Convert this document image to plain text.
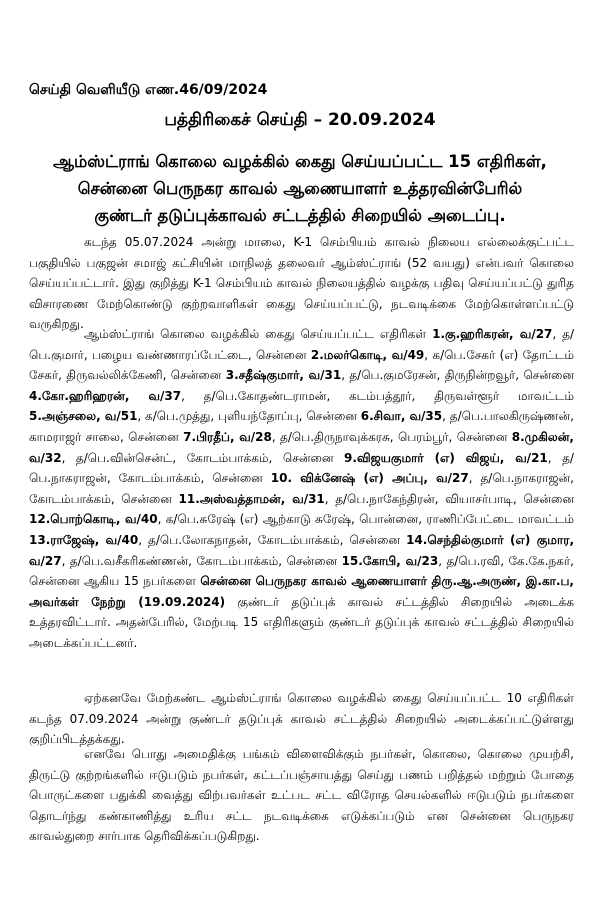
செய்தி வெளியீடு எண.46/09/2024
பத்திரிகைச் செய்தி – 20.09.2024
ஆம்ஸ்ட்ராங் கொலை வழக்கில் கைது செய்யப்பட்ட 15 எதிரிகள்,
சென்னை பெருநகர காவல் ஆணையாளர் உத்தரவின்பேரில்
குண்டர் தடுப்புக்காவல் சட்டத்தில் சிறையில் அடைப்பு.

கடந்த 05.07.2024 அன்று மாலை, K-1 செம்பியம் காவல் நிலைய எல்லைக்குட்பட்ட பகுதியில் பகுஜன் சமாஜ் கட்சியின் மாநிலத் தலைவர் ஆம்ஸ்ட்ராங் (52 வயது) என்பவர் கொலை செய்யப்பட்டார். இது குறித்து K-1 செம்பியம் காவல் நிலையத்தில் வழக்கு பதிவு செய்யப்பட்டு துரித விசாரணை மேற்கொண்டு குற்றவாளிகள் கைது செய்யப்பட்டு, நடவடிக்கை மேற்கொள்ளப்பட்டு வருகிறது.

ஆம்ஸ்ட்ராங் கொலை வழக்கில் கைது செய்யப்பட்ட எதிரிகள் 1.கு.ஹரிகரன், வ/27, த/பெ.குமார், பழைய வண்ணாரப்பேட்டை, சென்னை 2.மலர்கொடி, வ/49, க/பெ.சேகர் (எ) தோட்டம் சேகர், திருவல்லிக்கேணி, சென்னை 3.சதீஷ்குமார், வ/31, த/பெ.குமரேசன், திருநின்றவூர், சென்னை 4.கோ.ஹரிஹரன், வ/37, த/பெ.கோதண்டராமன், கடம்பத்தூர், திருவள்ளூர் மாவட்டம் 5.அஞ்சலை, வ/51, க/பெ.முத்து, புளியந்தோப்பு, சென்னை 6.சிவா, வ/35, த/பெ.பாலகிருஷ்ணன், காமராஜர் சாலை, சென்னை 7.பிரதீப், வ/28, த/பெ.திருநாவுக்கரசு, பெரம்பூர், சென்னை 8.முகிலன், வ/32, த/பெ.வின்சென்ட், கோடம்பாக்கம், சென்னை 9.விஜயகுமார் (எ) விஜய், வ/21, த/பெ.நாகராஜன், கோடம்பாக்கம், சென்னை 10. விக்னேஷ் (எ) அப்பு, வ/27, த/பெ.நாகராஜன், கோடம்பாக்கம், சென்னை 11.அஸ்வத்தாமன், வ/31, த/பெ.நாகேந்திரன், வியாசர்பாடி, சென்னை 12.பொற்கொடி, வ/40, க/பெ.சுரேஷ் (எ) ஆற்காடு சுரேஷ், பொன்னை, ராணிப்பேட்டை மாவட்டம் 13.ராஜேஷ், வ/40, த/பெ.லோகநாதன், கோடம்பாக்கம், சென்னை 14.செந்தில்குமார் (எ) குமார, வ/27, த/பெ.வசீகரிகண்ணன், கோடம்பாக்கம், சென்னை 15.கோபி, வ/23, த/பெ.ரவி, கே.கே.நகர், சென்னை ஆகிய 15 நபர்களை சென்னை பெருநகர காவல் ஆணையாளர் திரு.ஆ.அருண், இ.கா.ப, அவர்கள் நேற்று (19.09.2024) குண்டர் தடுப்புக் காவல் சட்டத்தில் சிறையில் அடைக்க உத்தரவிட்டார். அதன்பேரில், மேற்படி 15 எதிரிகளும் குண்டர் தடுப்புக் காவல் சட்டத்தில் சிறையில் அடைக்கப்பட்டனர்.

ஏற்கனவே மேற்கண்ட ஆம்ஸ்ட்ராங் கொலை வழக்கில் கைது செய்யப்பட்ட 10 எதிரிகள் கடந்த 07.09.2024 அன்று குண்டர் தடுப்புக் காவல் சட்டத்தில் சிறையில் அடைக்கப்பட்டுள்ளது குறிப்பிடத்தக்கது.

எனவே பொது அமைதிக்கு பங்கம் விளைவிக்கும் நபர்கள், கொலை, கொலை முயற்சி, திருட்டு குற்றங்களில் ஈடுபடும் நபர்கள், கட்டப்பஞ்சாயத்து செய்து பணம் பறித்தல் மற்றும் போதை பொருட்களை பதுக்கி வைத்து விற்பவர்கள் உட்பட சட்ட விரோத செயல்களில் ஈடுபடும் நபர்களை தொடர்ந்து கண்காணித்து உரிய சட்ட நடவடிக்கை எடுக்கப்படும் என சென்னை பெருநகர காவல்துறை சார்பாக தெரிவிக்கப்படுகிறது.
